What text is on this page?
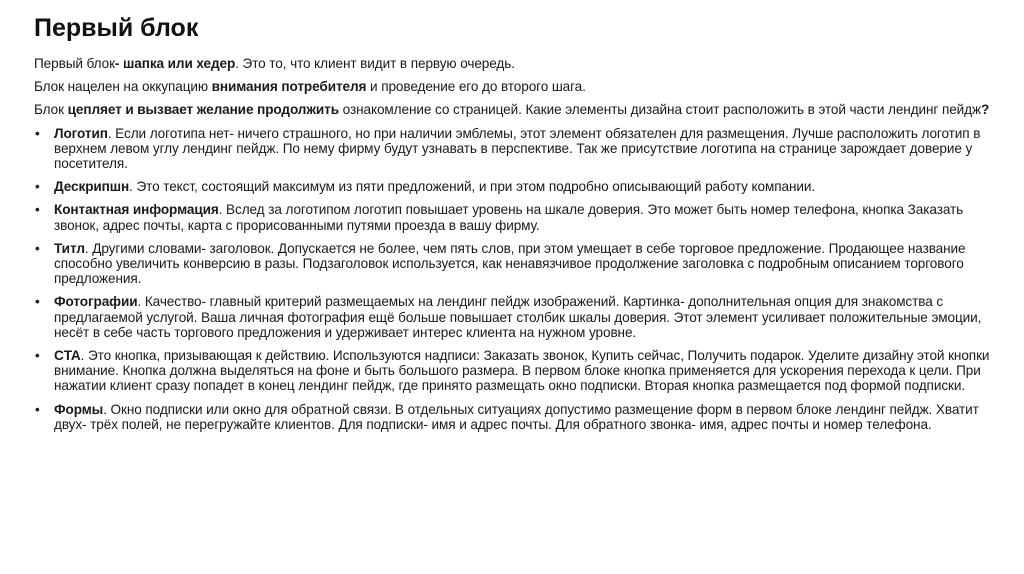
Первый блок

Первый блок- шапка или хедер. Это то, что клиент видит в первую очередь.

Блок нацелен на оккупацию внимания потребителя и проведение его до второго шага.

Блок цепляет и вызвает желание продолжить ознакомление со страницей. Какие элементы дизайна стоит расположить в этой части лендинг пейдж?

• Логотип. Если логотипа нет- ничего страшного, но при наличии эмблемы, этот элемент обязателен для размещения. Лучше расположить логотип в верхнем левом углу лендинг пейдж. По нему фирму будут узнавать в перспективе. Так же присутствие логотипа на странице зарождает доверие у посетителя.
• Дескрипшн. Это текст, состоящий максимум из пяти предложений, и при этом подробно описывающий работу компании.
• Контактная информация. Вслед за логотипом логотип повышает уровень на шкале доверия. Это может быть номер телефона, кнопка Заказать звонок, адрес почты, карта с прорисованными путями проезда в вашу фирму.
• Титл. Другими словами- заголовок. Допускается не более, чем пять слов, при этом умещает в себе торговое предложение. Продающее название способно увеличить конверсию в разы. Подзаголовок используется, как ненавязчивое продолжение заголовка с подробным описанием торгового предложения.
• Фотографии. Качество- главный критерий размещаемых на лендинг пейдж изображений. Картинка- дополнительная опция для знакомства с предлагаемой услугой. Ваша личная фотография ещё больше повышает столбик шкалы доверия. Этот элемент усиливает положительные эмоции, несёт в себе часть торгового предложения и удерживает интерес клиента на нужном уровне.
• CTA. Это кнопка, призывающая к действию. Используются надписи: Заказать звонок, Купить сейчас, Получить подарок. Уделите дизайну этой кнопки внимание. Кнопка должна выделяться на фоне и быть большого размера. В первом блоке кнопка применяется для ускорения перехода к цели. При нажатии клиент сразу попадет в конец лендинг пейдж, где принято размещать окно подписки. Вторая кнопка размещается под формой подписки.
• Формы. Окно подписки или окно для обратной связи. В отдельных ситуациях допустимо размещение форм в первом блоке лендинг пейдж. Хватит двух- трёх полей, не перегружайте клиентов. Для подписки- имя и адрес почты. Для обратного звонка- имя, адрес почты и номер телефона.
